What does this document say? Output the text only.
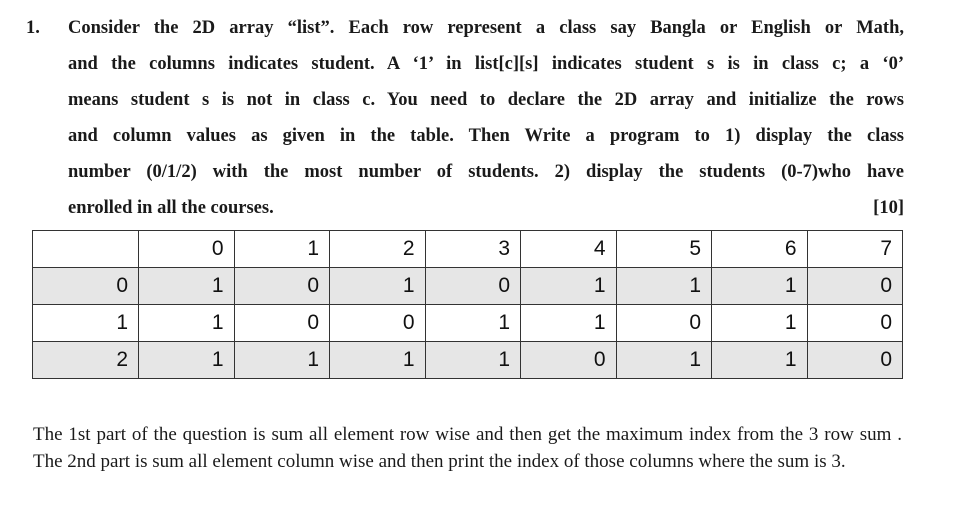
1. Consider the 2D array “list”. Each row represent a class say Bangla or English or Math,
and the columns indicates student. A ‘1’ in list[c][s] indicates student s is in class c; a ‘0’
means student s is not in class c. You need to declare the 2D array and initialize the rows
and column values as given in the table. Then Write a program to 1) display the class
number (0/1/2) with the most number of students. 2) display the students (0-7)who have
enrolled in all the courses.	[10]
	0	1	2	3	4	5	6	7
0	1	0	1	0	1	1	1	0
1	1	0	0	1	1	0	1	0
2	1	1	1	1	0	1	1	0
The 1st part of the question is sum all element row wise and then get the maximum index from the 3 row sum . The 2nd part is sum all element column wise and then print the index of those columns where the sum is 3.
